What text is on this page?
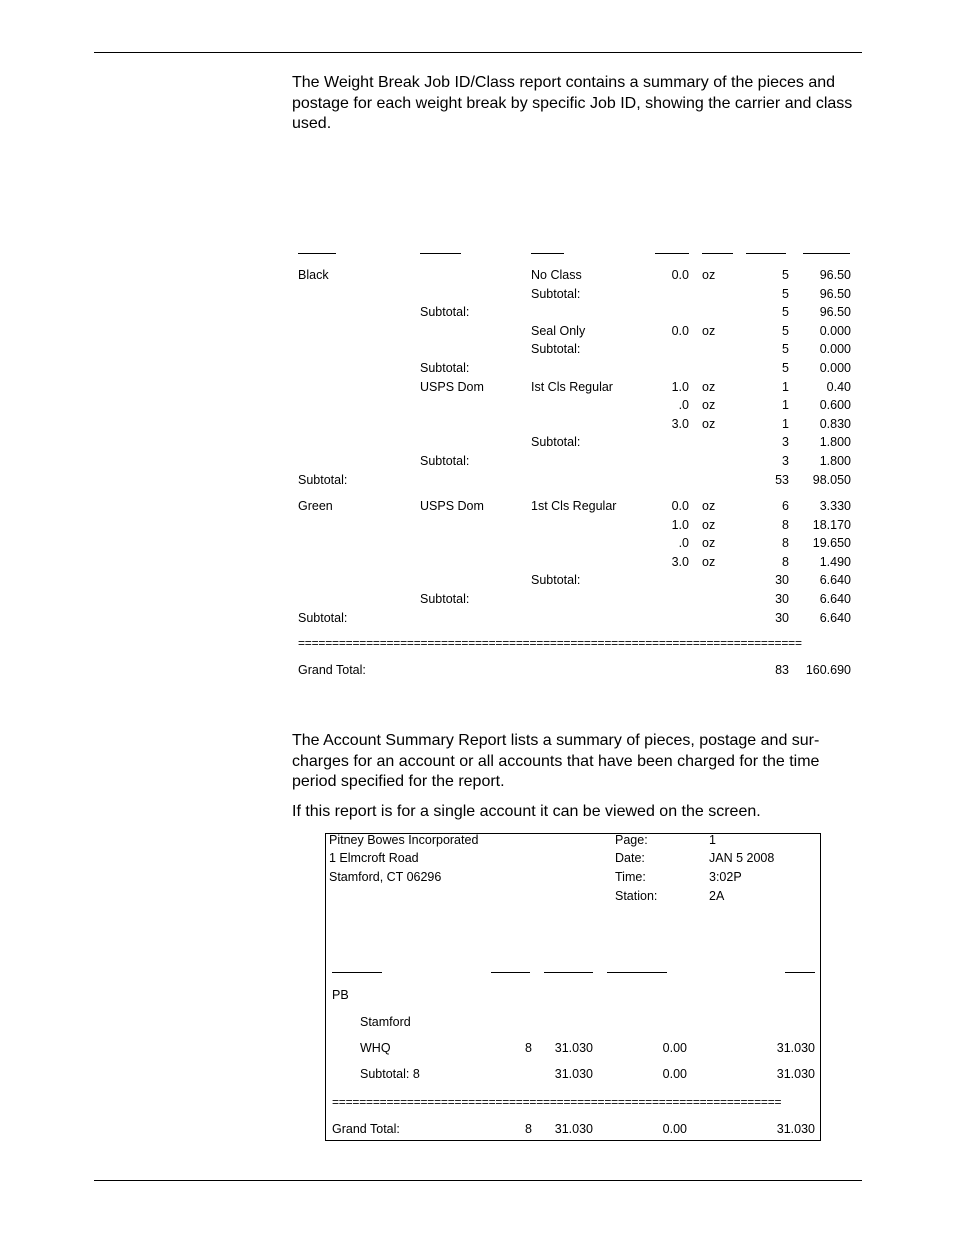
The Weight Break Job ID/Class report contains a summary of the pieces and postage for each weight break by specific Job ID, showing the carrier and class used.

Black	No Class	0.0 oz	5	96.50
Subtotal:	5	96.50
Subtotal:	5	96.50
Seal Only	0.0 oz	5	0.000
Subtotal:	5	0.000
Subtotal:	5	0.000
USPS Dom	Ist Cls Regular	1.0 oz	1	0.40
.0 oz	1	0.600
3.0 oz	1	0.830
Subtotal:	3	1.800
Subtotal:	3	1.800
Subtotal:	53	98.050
Green	USPS Dom	1st Cls Regular	0.0 oz	6	3.330
1.0 oz	8	18.170
.0 oz	8	19.650
3.0 oz	8	1.490
Subtotal:	30	6.640
Subtotal:	30	6.640
Subtotal:	30	6.640
==========================================================================
Grand Total:	83	160.690

The Account Summary Report lists a summary of pieces, postage and sur-charges for an account or all accounts that have been charged for the time period specified for the report.

If this report is for a single account it can be viewed on the screen.

Pitney Bowes Incorporated
1 Elmcroft Road
Stamford, CT 06296
Page:	1
Date:	JAN 5 2008
Time:	3:02P
Station:	2A
PB
Stamford
WHQ	8	31.030	0.00	31.030
Subtotal: 8	31.030	0.00	31.030
==================================================================
Grand Total:	8	31.030	0.00	31.030
